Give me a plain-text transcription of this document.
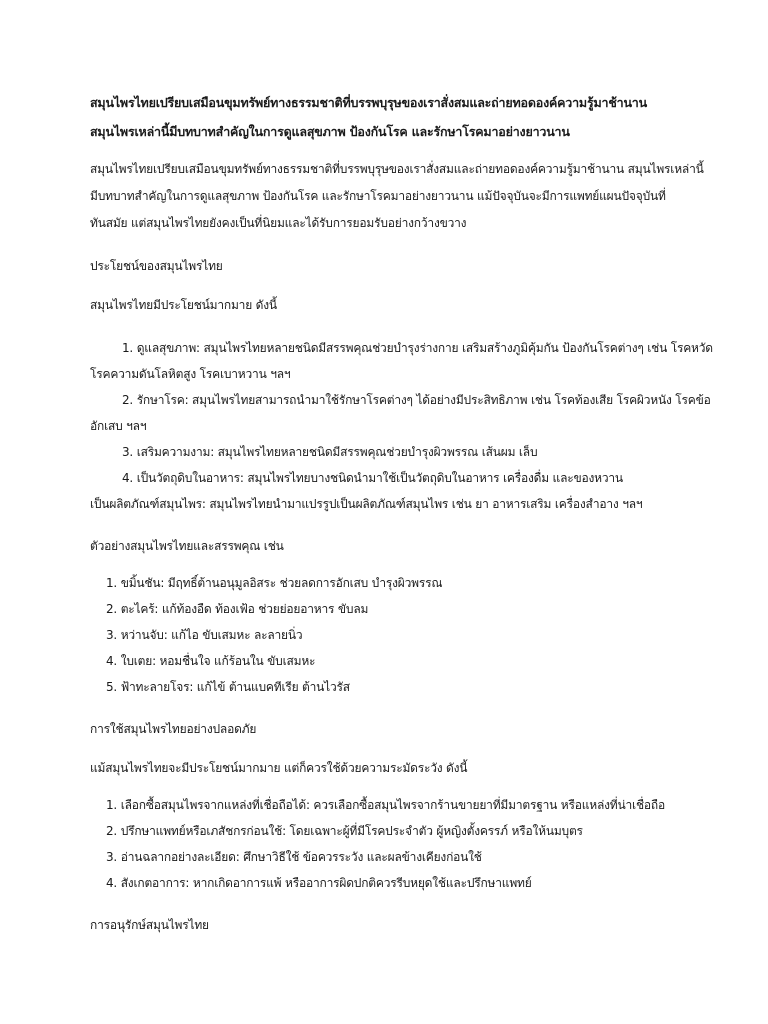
สมุนไพรไทยเปรียบเสมือนขุมทรัพย์ทางธรรมชาติที่บรรพบุรุษของเราสั่งสมและถ่ายทอดองค์ความรู้มาช้านาน
สมุนไพรเหล่านี้มีบทบาทสำคัญในการดูแลสุขภาพ ป้องกันโรค และรักษาโรคมาอย่างยาวนาน

สมุนไพรไทยเปรียบเสมือนขุมทรัพย์ทางธรรมชาติที่บรรพบุรุษของเราสั่งสมและถ่ายทอดองค์ความรู้มาช้านาน สมุนไพรเหล่านี้
มีบทบาทสำคัญในการดูแลสุขภาพ ป้องกันโรค และรักษาโรคมาอย่างยาวนาน แม้ปัจจุบันจะมีการแพทย์แผนปัจจุบันที่
ทันสมัย แต่สมุนไพรไทยยังคงเป็นที่นิยมและได้รับการยอมรับอย่างกว้างขวาง

ประโยชน์ของสมุนไพรไทย

สมุนไพรไทยมีประโยชน์มากมาย ดังนี้

1. ดูแลสุขภาพ: สมุนไพรไทยหลายชนิดมีสรรพคุณช่วยบำรุงร่างกาย เสริมสร้างภูมิคุ้มกัน ป้องกันโรคต่างๆ เช่น โรคหวัด
โรคความดันโลหิตสูง โรคเบาหวาน ฯลฯ
2. รักษาโรค: สมุนไพรไทยสามารถนำมาใช้รักษาโรคต่างๆ ได้อย่างมีประสิทธิภาพ เช่น โรคท้องเสีย โรคผิวหนัง โรคข้อ
อักเสบ ฯลฯ
3. เสริมความงาม: สมุนไพรไทยหลายชนิดมีสรรพคุณช่วยบำรุงผิวพรรณ เส้นผม เล็บ
4. เป็นวัตถุดิบในอาหาร: สมุนไพรไทยบางชนิดนำมาใช้เป็นวัตถุดิบในอาหาร เครื่องดื่ม และของหวาน

เป็นผลิตภัณฑ์สมุนไพร: สมุนไพรไทยนำมาแปรรูปเป็นผลิตภัณฑ์สมุนไพร เช่น ยา อาหารเสริม เครื่องสำอาง ฯลฯ

ตัวอย่างสมุนไพรไทยและสรรพคุณ เช่น

1. ขมิ้นชัน: มีฤทธิ์ต้านอนุมูลอิสระ ช่วยลดการอักเสบ บำรุงผิวพรรณ
2. ตะไคร้: แก้ท้องอืด ท้องเฟ้อ ช่วยย่อยอาหาร ขับลม
3. หว่านจับ: แก้ไอ ขับเสมหะ ละลายนิ่ว
4. ใบเตย: หอมชื่นใจ แก้ร้อนใน ขับเสมหะ
5. ฟ้าทะลายโจร: แก้ไข้ ต้านแบคทีเรีย ต้านไวรัส

การใช้สมุนไพรไทยอย่างปลอดภัย

แม้สมุนไพรไทยจะมีประโยชน์มากมาย แต่ก็ควรใช้ด้วยความระมัดระวัง ดังนี้

1. เลือกซื้อสมุนไพรจากแหล่งที่เชื่อถือได้: ควรเลือกซื้อสมุนไพรจากร้านขายยาที่มีมาตรฐาน หรือแหล่งที่น่าเชื่อถือ
2. ปรึกษาแพทย์หรือเภสัชกรก่อนใช้: โดยเฉพาะผู้ที่มีโรคประจำตัว ผู้หญิงตั้งครรภ์ หรือให้นมบุตร
3. อ่านฉลากอย่างละเอียด: ศึกษาวิธีใช้ ข้อควรระวัง และผลข้างเคียงก่อนใช้
4. สังเกตอาการ: หากเกิดอาการแพ้ หรืออาการผิดปกติควรรีบหยุดใช้และปรึกษาแพทย์

การอนุรักษ์สมุนไพรไทย
